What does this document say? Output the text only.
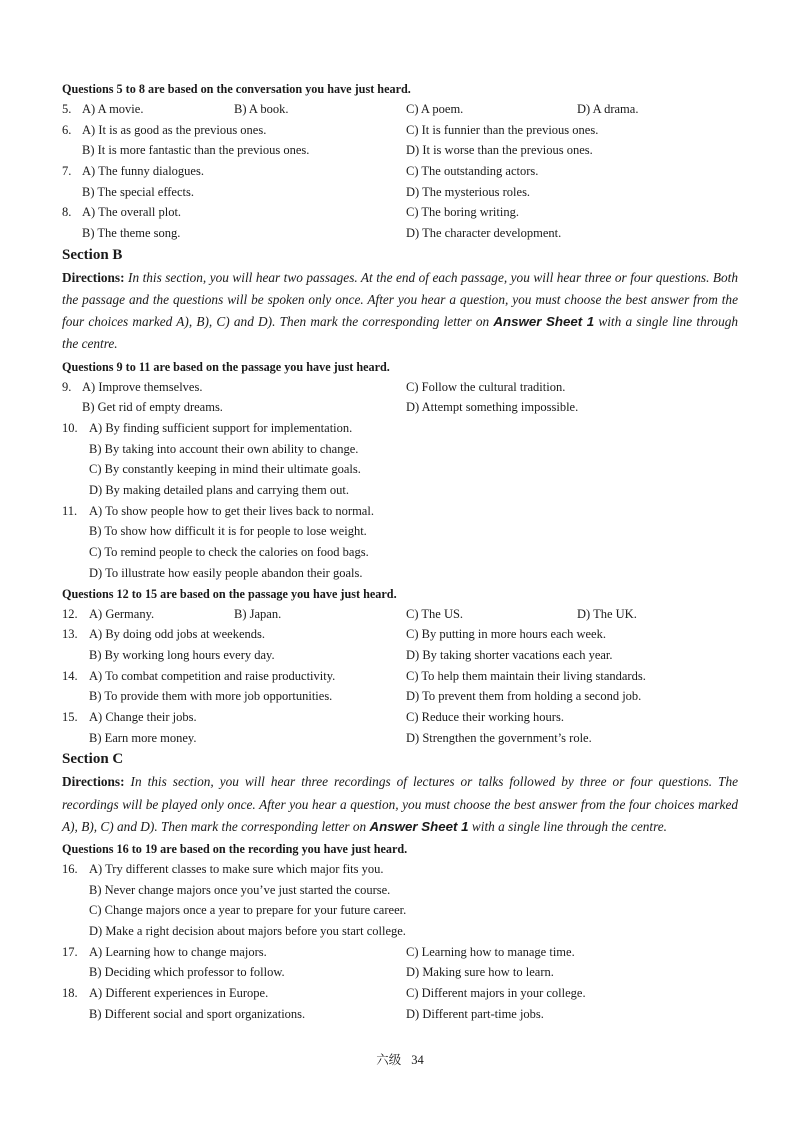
Questions 5 to 8 are based on the conversation you have just heard.
5. A) A movie.	B) A book.	C) A poem.	D) A drama.
6. A) It is as good as the previous ones.	C) It is funnier than the previous ones.
B) It is more fantastic than the previous ones.	D) It is worse than the previous ones.
7. A) The funny dialogues.	C) The outstanding actors.
B) The special effects.	D) The mysterious roles.
8. A) The overall plot.	C) The boring writing.
B) The theme song.	D) The character development.
Section B
Directions: In this section, you will hear two passages. At the end of each passage, you will hear three or four questions. Both the passage and the questions will be spoken only once. After you hear a question, you must choose the best answer from the four choices marked A), B), C) and D). Then mark the corresponding letter on Answer Sheet 1 with a single line through the centre.
Questions 9 to 11 are based on the passage you have just heard.
9. A) Improve themselves.	C) Follow the cultural tradition.
B) Get rid of empty dreams.	D) Attempt something impossible.
10. A) By finding sufficient support for implementation.
B) By taking into account their own ability to change.
C) By constantly keeping in mind their ultimate goals.
D) By making detailed plans and carrying them out.
11. A) To show people how to get their lives back to normal.
B) To show how difficult it is for people to lose weight.
C) To remind people to check the calories on food bags.
D) To illustrate how easily people abandon their goals.
Questions 12 to 15 are based on the passage you have just heard.
12. A) Germany.	B) Japan.	C) The US.	D) The UK.
13. A) By doing odd jobs at weekends.	C) By putting in more hours each week.
B) By working long hours every day.	D) By taking shorter vacations each year.
14. A) To combat competition and raise productivity.	C) To help them maintain their living standards.
B) To provide them with more job opportunities.	D) To prevent them from holding a second job.
15. A) Change their jobs.	C) Reduce their working hours.
B) Earn more money.	D) Strengthen the government’s role.
Section C
Directions: In this section, you will hear three recordings of lectures or talks followed by three or four questions. The recordings will be played only once. After you hear a question, you must choose the best answer from the four choices marked A), B), C) and D). Then mark the corresponding letter on Answer Sheet 1 with a single line through the centre.
Questions 16 to 19 are based on the recording you have just heard.
16. A) Try different classes to make sure which major fits you.
B) Never change majors once you’ve just started the course.
C) Change majors once a year to prepare for your future career.
D) Make a right decision about majors before you start college.
17. A) Learning how to change majors.	C) Learning how to manage time.
B) Deciding which professor to follow.	D) Making sure how to learn.
18. A) Different experiences in Europe.	C) Different majors in your college.
B) Different social and sport organizations.	D) Different part-time jobs.
六级 34
